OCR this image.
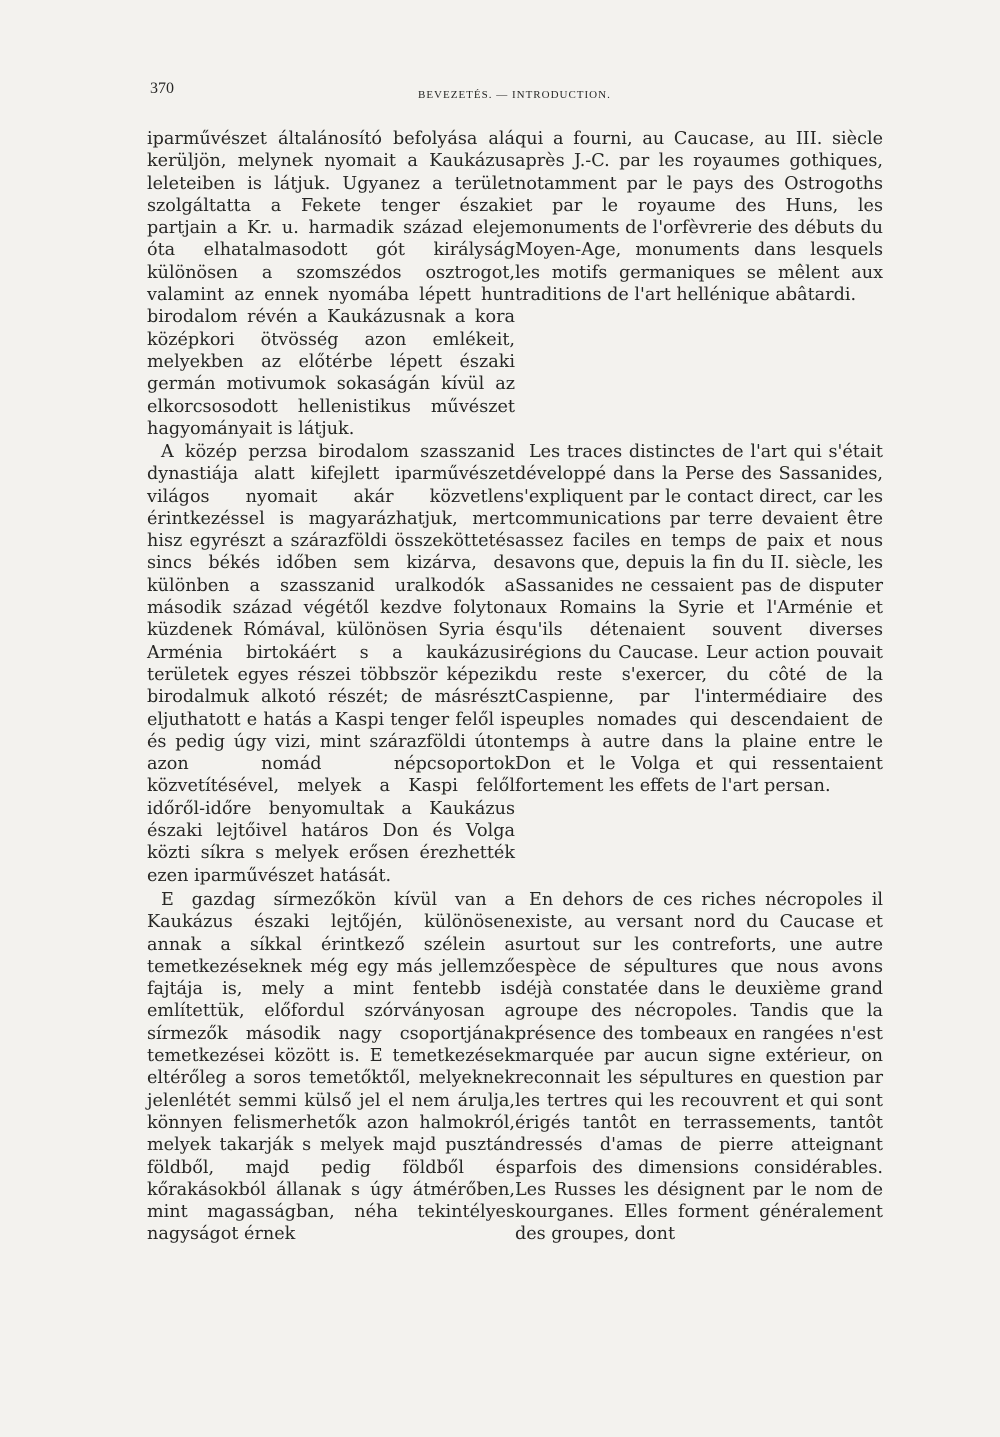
370	BEVEZETÉS. — INTRODUCTION.

iparművészet általánosító befolyása alá kerüljön, melynek nyomait a Kaukázus leleteiben is látjuk. Ugyanez a terület szolgáltatta a Fekete tenger északi partjain a Kr. u. harmadik század eleje óta elhatalmasodott gót királyság különösen a szomszédos osztrogot, valamint az ennek nyomába lépett hun birodalom révén a Kaukázusnak a kora középkori ötvösség azon emlékeit, melyekben az előtérbe lépett északi germán motivumok sokaságán kívül az elkorcsosodott hellenistikus művészet hagyományait is látjuk.

A közép perzsa birodalom szasszanid dynastiája alatt kifejlett iparművészet világos nyomait akár közvetlen érintkezéssel is magyarázhatjuk, mert hisz egyrészt a szárazföldi összeköttetés sincs békés időben sem kizárva, de különben a szasszanid uralkodók a második század végétől kezdve folyton küzdenek Rómával, különösen Syria és Arménia birtokáért s a kaukázusi területek egyes részei többször képezik birodalmuk alkotó részét; de másrészt eljuthatott e hatás a Kaspi tenger felől is és pedig úgy vizi, mint szárazföldi úton azon nomád népcsoportok közvetítésével, melyek a Kaspi felől időről-időre benyomultak a Kaukázus északi lejtőivel határos Don és Volga közti síkra s melyek erősen érezhették ezen iparművészet hatását.

E gazdag sírmezőkön kívül van a Kaukázus északi lejtőjén, különösen annak a síkkal érintkező szélein a temetkezéseknek még egy más jellemző fajtája is, mely a mint fentebb is említettük, előfordul szórványosan a sírmezők második nagy csoportjának temetkezései között is. E temetkezések eltérőleg a soros temetőktől, melyeknek jelenlétét semmi külső jel el nem árulja, könnyen felismerhetők azon halmokról, melyek takarják s melyek majd pusztán földből, majd pedig földből és kőrakásokból állanak s úgy átmérőben, mint magasságban, néha tekintélyes nagyságot érnek

qui a fourni, au Caucase, au III. siècle après J.-C. par les royaumes gothiques, notamment par le pays des Ostrogoths et par le royaume des Huns, les monuments de l'orfèvrerie des débuts du Moyen-Age, monuments dans lesquels les motifs germaniques se mêlent aux traditions de l'art hellénique abâtardi.

Les traces distinctes de l'art qui s'était développé dans la Perse des Sassanides, s'expliquent par le contact direct, car les communications par terre devaient être assez faciles en temps de paix et nous savons que, depuis la fin du II. siècle, les Sassanides ne cessaient pas de disputer aux Romains la Syrie et l'Arménie et qu'ils détenaient souvent diverses régions du Caucase. Leur action pouvait du reste s'exercer, du côté de la Caspienne, par l'intermédiaire des peuples nomades qui descendaient de temps à autre dans la plaine entre le Don et le Volga et qui ressentaient fortement les effets de l'art persan.

En dehors de ces riches nécropoles il existe, au versant nord du Caucase et surtout sur les contreforts, une autre espèce de sépultures que nous avons déjà constatée dans le deuxième grand groupe des nécropoles. Tandis que la présence des tombeaux en rangées n'est marquée par aucun signe extérieur, on reconnait les sépultures en question par les tertres qui les recouvrent et qui sont érigés tantôt en terrassements, tantôt dressés d'amas de pierre atteignant parfois des dimensions considérables. Les Russes les désignent par le nom de kourganes. Elles forment généralement des groupes, dont
